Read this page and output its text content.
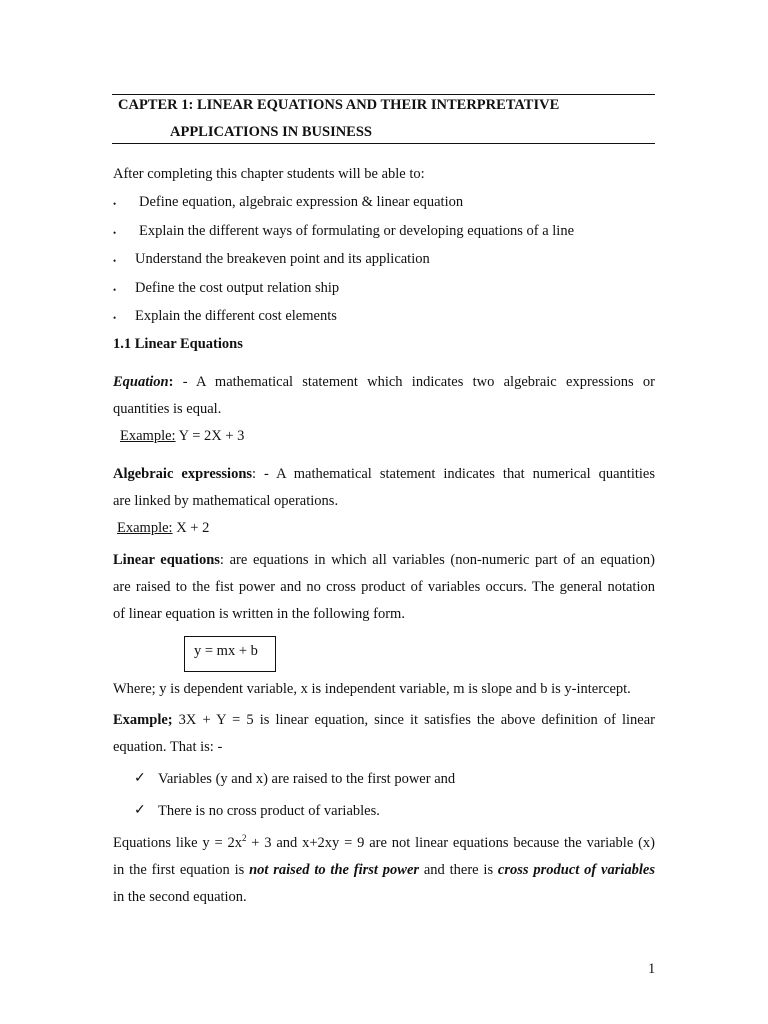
CAPTER 1: LINEAR EQUATIONS AND THEIR INTERPRETATIVE
APPLICATIONS IN BUSINESS
After completing this chapter students will be able to:
• Define equation, algebraic expression & linear equation
• Explain the different ways of formulating or developing equations of a line
• Understand the breakeven point and its application
• Define the cost output relation ship
• Explain the different cost elements
1.1 Linear Equations
Equation: - A mathematical statement which indicates two algebraic expressions or
quantities is equal.
Example: Y = 2X + 3
Algebraic expressions: - A mathematical statement indicates that numerical quantities
are linked by mathematical operations.
Example: X + 2
Linear equations: are equations in which all variables (non-numeric part of an equation)
are raised to the fist power and no cross product of variables occurs. The general notation
of linear equation is written in the following form.
y = mx + b
Where; y is dependent variable, x is independent variable, m is slope and b is y-intercept.
Example; 3X + Y = 5 is linear equation, since it satisfies the above definition of linear
equation. That is: -
✓ Variables (y and x) are raised to the first power and
✓ There is no cross product of variables.
Equations like $y = 2x^2 + 3$ and x+2xy = 9 are not linear equations because the variable (x)
in the first equation is not raised to the first power and there is cross product of variables
in the second equation.
1
